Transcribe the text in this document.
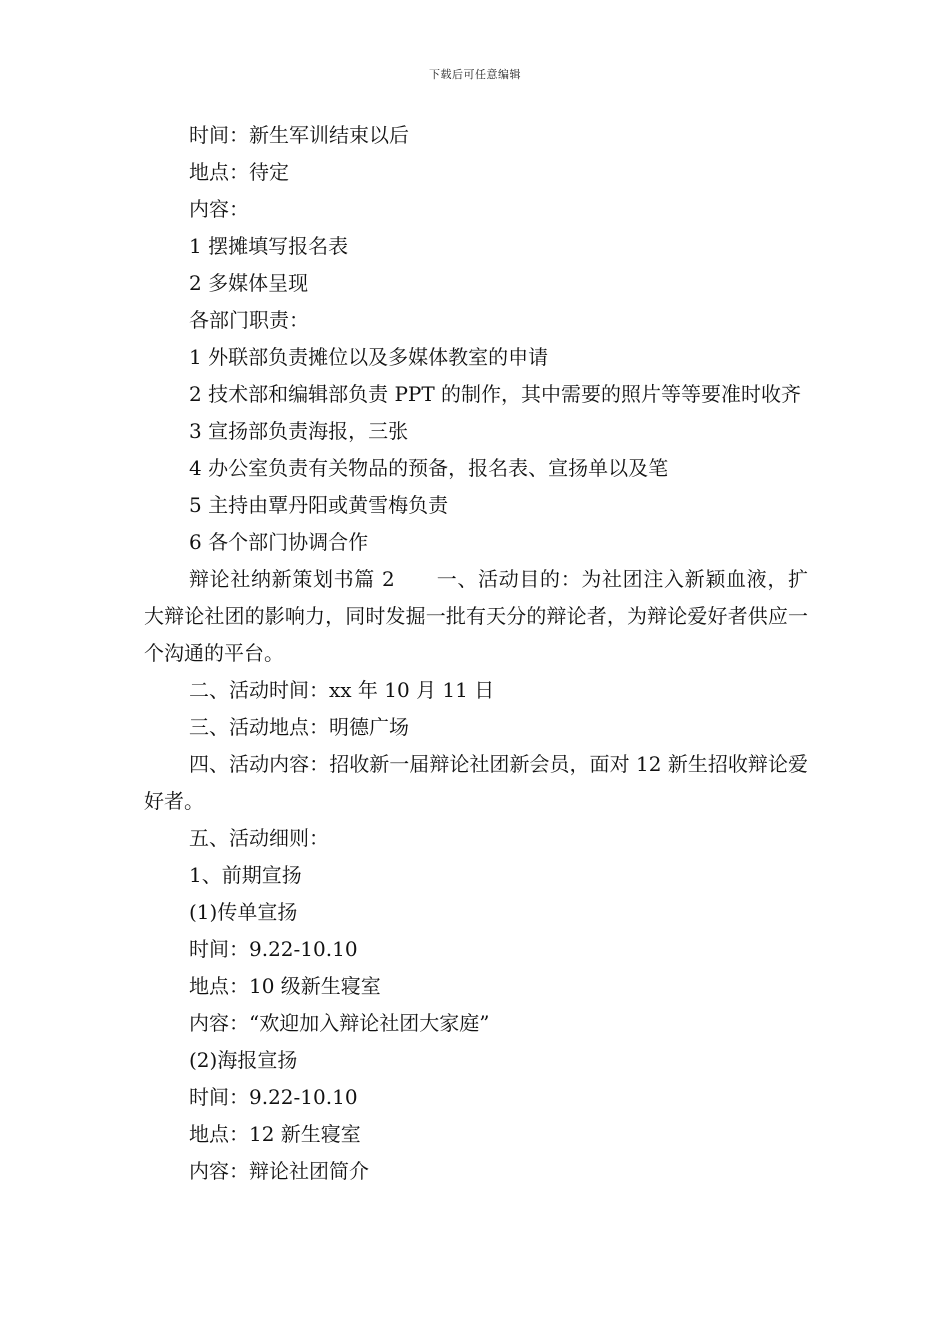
下载后可任意编辑

时间：新生军训结束以后

地点：待定

内容：

1 摆摊填写报名表

2 多媒体呈现

各部门职责：

1 外联部负责摊位以及多媒体教室的申请

2 技术部和编辑部负责 PPT 的制作，其中需要的照片等等要准时收齐

3 宣扬部负责海报，三张

4 办公室负责有关物品的预备，报名表、宣扬单以及笔

5 主持由覃丹阳或黄雪梅负责

6 各个部门协调合作

辩论社纳新策划书篇 2　　一、活动目的：为社团注入新颖血液，扩大辩论社团的影响力，同时发掘一批有天分的辩论者，为辩论爱好者供应一个沟通的平台。

二、活动时间：xx 年 10 月 11 日

三、活动地点：明德广场

四、活动内容：招收新一届辩论社团新会员，面对 12 新生招收辩论爱好者。

五、活动细则：

1、前期宣扬

(1)传单宣扬

时间：9.22-10.10

地点：10 级新生寝室

内容：“欢迎加入辩论社团大家庭”

(2)海报宣扬

时间：9.22-10.10

地点：12 新生寝室

内容：辩论社团简介
